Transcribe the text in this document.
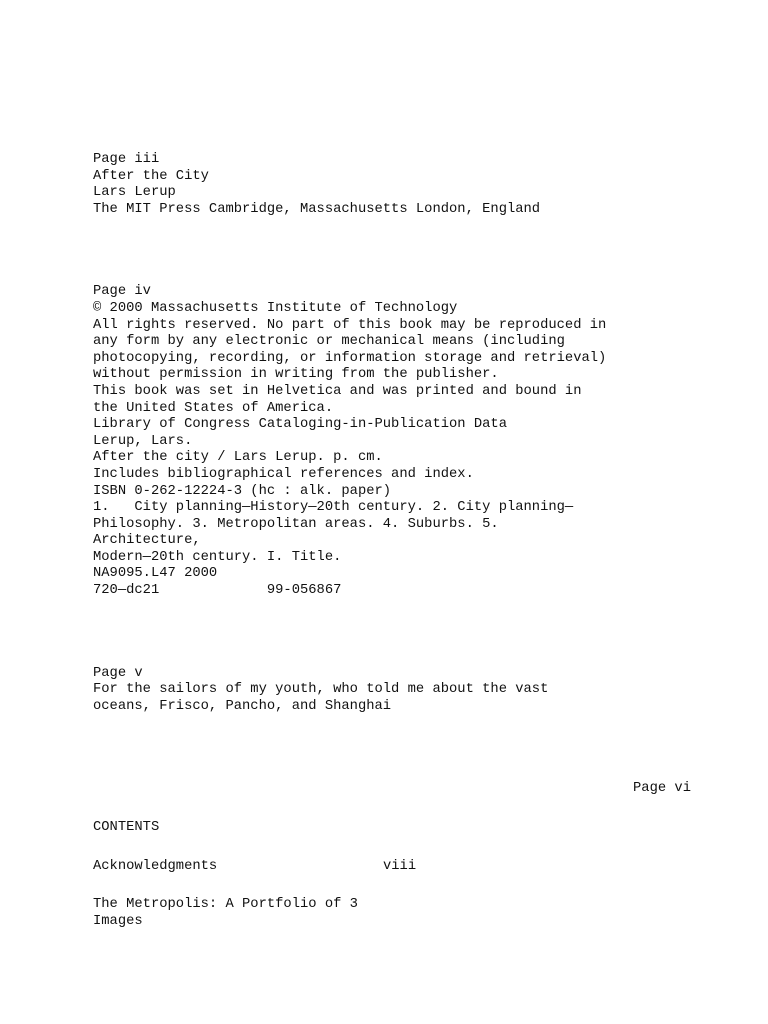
Page iii
After the City
Lars Lerup
The MIT Press Cambridge, Massachusetts London, England
Page iv
© 2000 Massachusetts Institute of Technology
All rights reserved. No part of this book may be reproduced in
any form by any electronic or mechanical means (including
photocopying, recording, or information storage and retrieval)
without permission in writing from the publisher.
This book was set in Helvetica and was printed and bound in
the United States of America.
Library of Congress Cataloging-in-Publication Data
Lerup, Lars.
After the city / Lars Lerup. p. cm.
Includes bibliographical references and index.
ISBN 0-262-12224-3 (hc : alk. paper)
1.   City planning—History—20th century. 2. City planning—
Philosophy. 3. Metropolitan areas. 4. Suburbs. 5.
Architecture,
Modern—20th century. I. Title.
NA9095.L47 2000
720—dc21             99-056867
Page v
For the sailors of my youth, who told me about the vast
oceans, Frisco, Pancho, and Shanghai
Page vi
CONTENTS
Acknowledgments	viii
The Metropolis: A Portfolio of 3
Images
